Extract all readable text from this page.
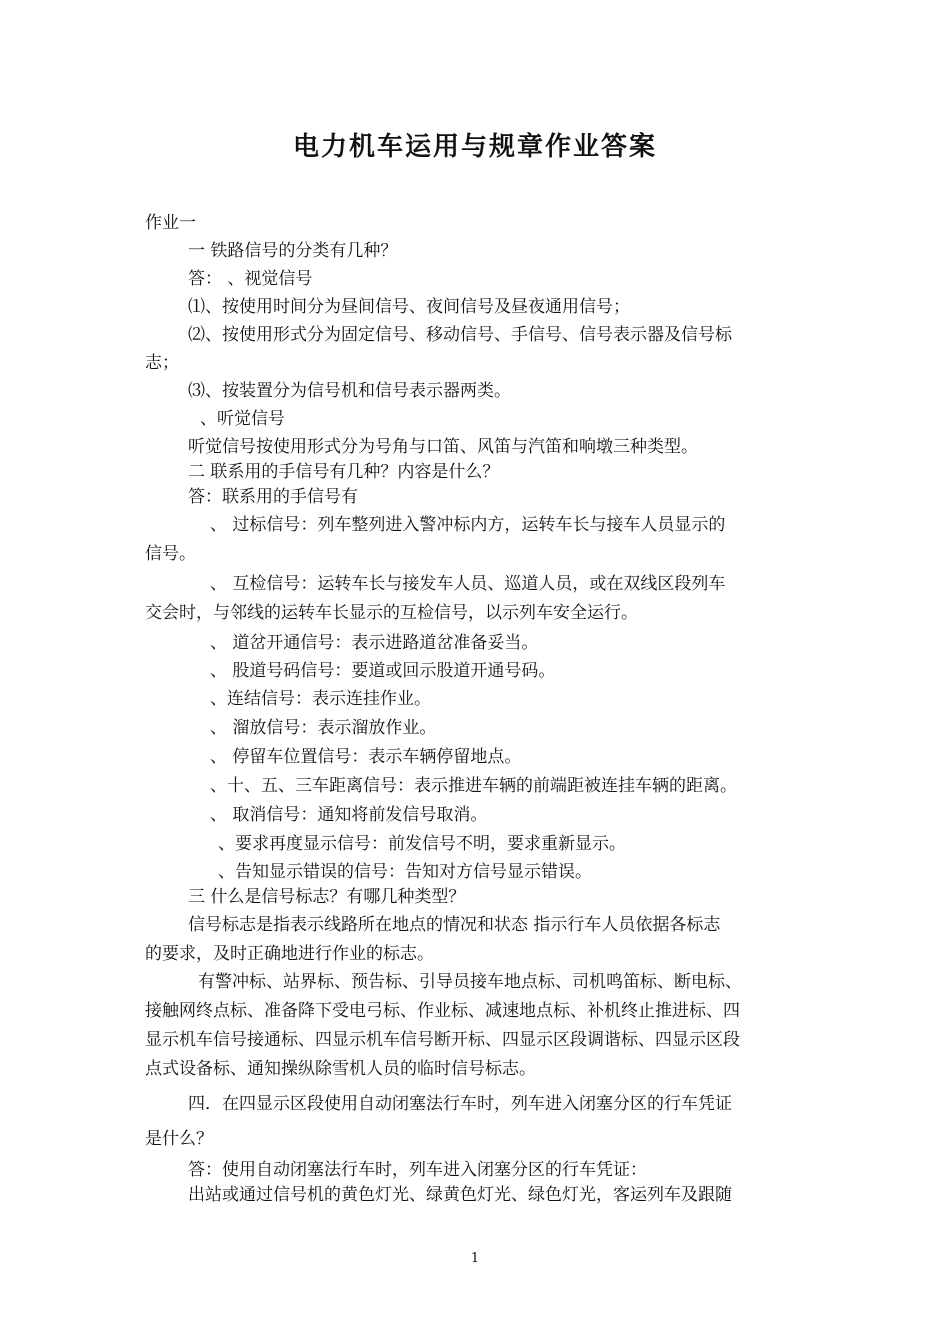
电力机车运用与规章作业答案
作业一
一 铁路信号的分类有几种？
答： 、视觉信号
⑴、按使用时间分为昼间信号、夜间信号及昼夜通用信号；
⑵、按使用形式分为固定信号、移动信号、手信号、信号表示器及信号标
志；
⑶、按装置分为信号机和信号表示器两类。
、听觉信号
听觉信号按使用形式分为号角与口笛、风笛与汽笛和响墩三种类型。
二 联系用的手信号有几种？内容是什么？
答：联系用的手信号有
、 过标信号：列车整列进入警冲标内方，运转车长与接车人员显示的
信号。
、 互检信号：运转车长与接发车人员、巡道人员，或在双线区段列车
交会时，与邻线的运转车长显示的互检信号，以示列车安全运行。
、 道岔开通信号：表示进路道岔准备妥当。
、 股道号码信号：要道或回示股道开通号码。
、连结信号：表示连挂作业。
、 溜放信号：表示溜放作业。
、 停留车位置信号：表示车辆停留地点。
、十、五、三车距离信号：表示推进车辆的前端距被连挂车辆的距离。
、 取消信号：通知将前发信号取消。
、要求再度显示信号：前发信号不明，要求重新显示。
、告知显示错误的信号：告知对方信号显示错误。
三 什么是信号标志？有哪几种类型？
信号标志是指表示线路所在地点的情况和状态 指示行车人员依据各标志
的要求，及时正确地进行作业的标志。
有警冲标、站界标、预告标、引导员接车地点标、司机鸣笛标、断电标、
接触网终点标、准备降下受电弓标、作业标、减速地点标、补机终止推进标、四
显示机车信号接通标、四显示机车信号断开标、四显示区段调谐标、四显示区段
点式设备标、通知操纵除雪机人员的临时信号标志。
四．在四显示区段使用自动闭塞法行车时，列车进入闭塞分区的行车凭证
是什么？
答：使用自动闭塞法行车时，列车进入闭塞分区的行车凭证：
出站或通过信号机的黄色灯光、绿黄色灯光、绿色灯光，客运列车及跟随
1
